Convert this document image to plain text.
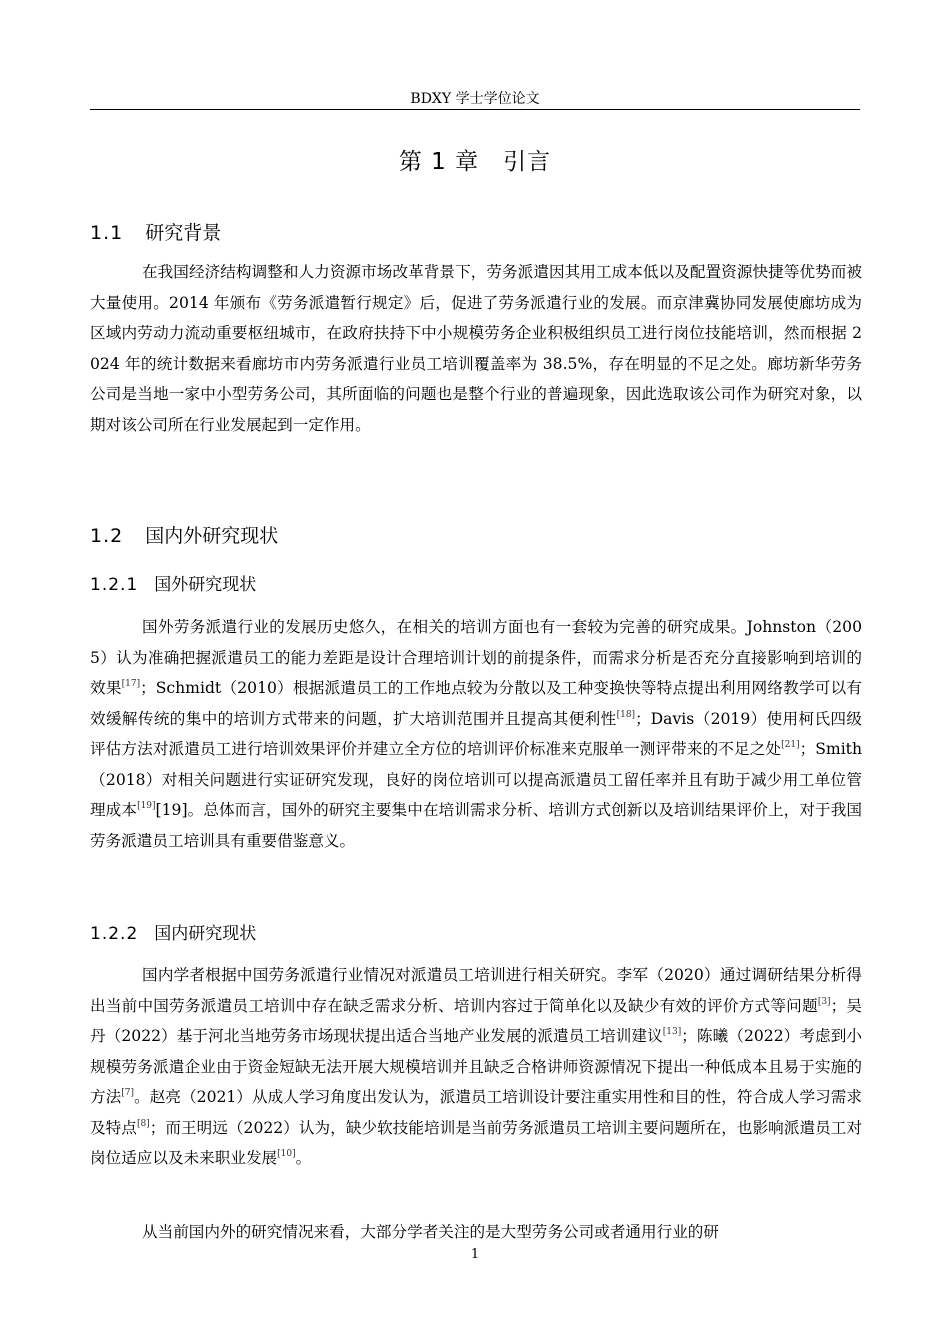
BDXY 学士学位论文
第 1 章　引言
1.1 研究背景

在我国经济结构调整和人力资源市场改革背景下，劳务派遣因其用工成本低以及配置资源快捷等优势而被大量使用。2014 年颁布《劳务派遣暂行规定》后，促进了劳务派遣行业的发展。而京津冀协同发展使廊坊成为区域内劳动力流动重要枢纽城市，在政府扶持下中小规模劳务企业积极组织员工进行岗位技能培训，然而根据 2024 年的统计数据来看廊坊市内劳务派遣行业员工培训覆盖率为 38.5%，存在明显的不足之处。廊坊新华劳务公司是当地一家中小型劳务公司，其所面临的问题也是整个行业的普遍现象，因此选取该公司作为研究对象，以期对该公司所在行业发展起到一定作用。

1.2 国内外研究现状
1.2.1 国外研究现状

国外劳务派遣行业的发展历史悠久，在相关的培训方面也有一套较为完善的研究成果。Johnston（2005）认为准确把握派遣员工的能力差距是设计合理培训计划的前提条件，而需求分析是否充分直接影响到培训的效果[17]；Schmidt（2010）根据派遣员工的工作地点较为分散以及工种变换快等特点提出利用网络教学可以有效缓解传统的集中的培训方式带来的问题，扩大培训范围并且提高其便利性[18]；Davis（2019）使用柯氏四级评估方法对派遣员工进行培训效果评价并建立全方位的培训评价标准来克服单一测评带来的不足之处[21]；Smith（2018）对相关问题进行实证研究发现，良好的岗位培训可以提高派遣员工留任率并且有助于减少用工单位管理成本[19][19]。总体而言，国外的研究主要集中在培训需求分析、培训方式创新以及培训结果评价上，对于我国劳务派遣员工培训具有重要借鉴意义。

1.2.2 国内研究现状

国内学者根据中国劳务派遣行业情况对派遣员工培训进行相关研究。李军（2020）通过调研结果分析得出当前中国劳务派遣员工培训中存在缺乏需求分析、培训内容过于简单化以及缺少有效的评价方式等问题[3]；吴丹（2022）基于河北当地劳务市场现状提出适合当地产业发展的派遣员工培训建议[13]；陈曦（2022）考虑到小规模劳务派遣企业由于资金短缺无法开展大规模培训并且缺乏合格讲师资源情况下提出一种低成本且易于实施的方法[7]。赵亮（2021）从成人学习角度出发认为，派遣员工培训设计要注重实用性和目的性，符合成人学习需求及特点[8]；而王明远（2022）认为，缺少软技能培训是当前劳务派遣员工培训主要问题所在，也影响派遣员工对岗位适应以及未来职业发展[10]。

从当前国内外的研究情况来看，大部分学者关注的是大型劳务公司或者通用行业的研

1
